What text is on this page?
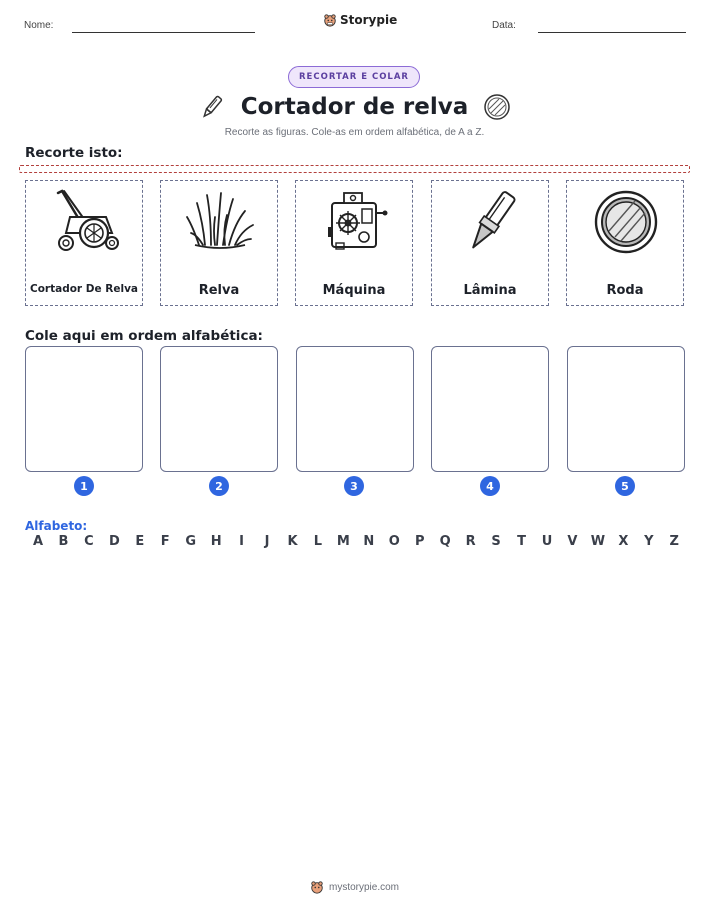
Nome:	Storypie	Data:
RECORTAR E COLAR
Cortador de relva
Recorte as figuras. Cole-as em ordem alfabética, de A a Z.
Recorte isto:
Cortador De Relva	Relva	Máquina	Lâmina	Roda
Cole aqui em ordem alfabética:
1	2	3	4	5
Alfabeto:
A	B	C	D	E	F	G	H	I	J	K	L	M	N	O	P	Q	R	S	T	U	V	W	X	Y	Z
mystorypie.com
